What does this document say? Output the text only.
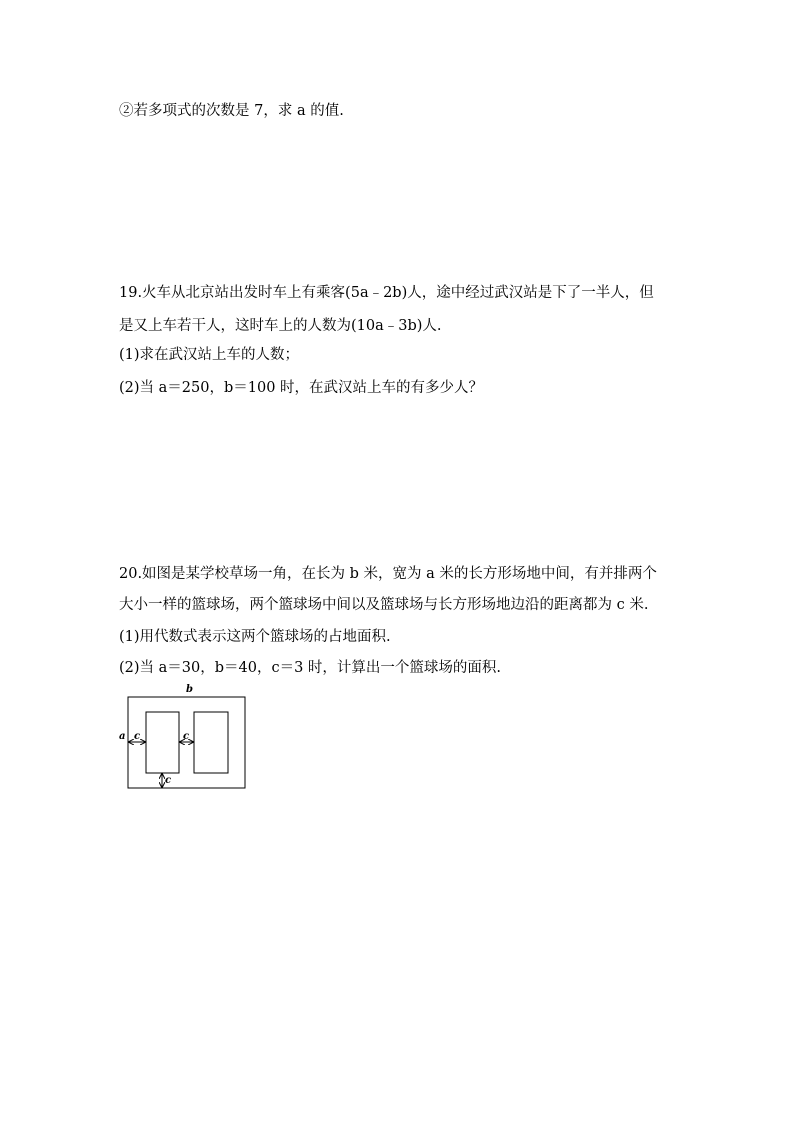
②若多项式的次数是 7，求 a 的值.
19.火车从北京站出发时车上有乘客(5a﹣2b)人，途中经过武汉站是下了一半人，但
是又上车若干人，这时车上的人数为(10a﹣3b)人.
(1)求在武汉站上车的人数；
(2)当 a＝250，b＝100 时，在武汉站上车的有多少人？
20.如图是某学校草场一角，在长为 b 米，宽为 a 米的长方形场地中间，有并排两个
大小一样的篮球场，两个篮球场中间以及篮球场与长方形场地边沿的距离都为 c 米.
(1)用代数式表示这两个篮球场的占地面积.
(2)当 a＝30，b＝40，c＝3 时，计算出一个篮球场的面积.
b
a c	c
c
